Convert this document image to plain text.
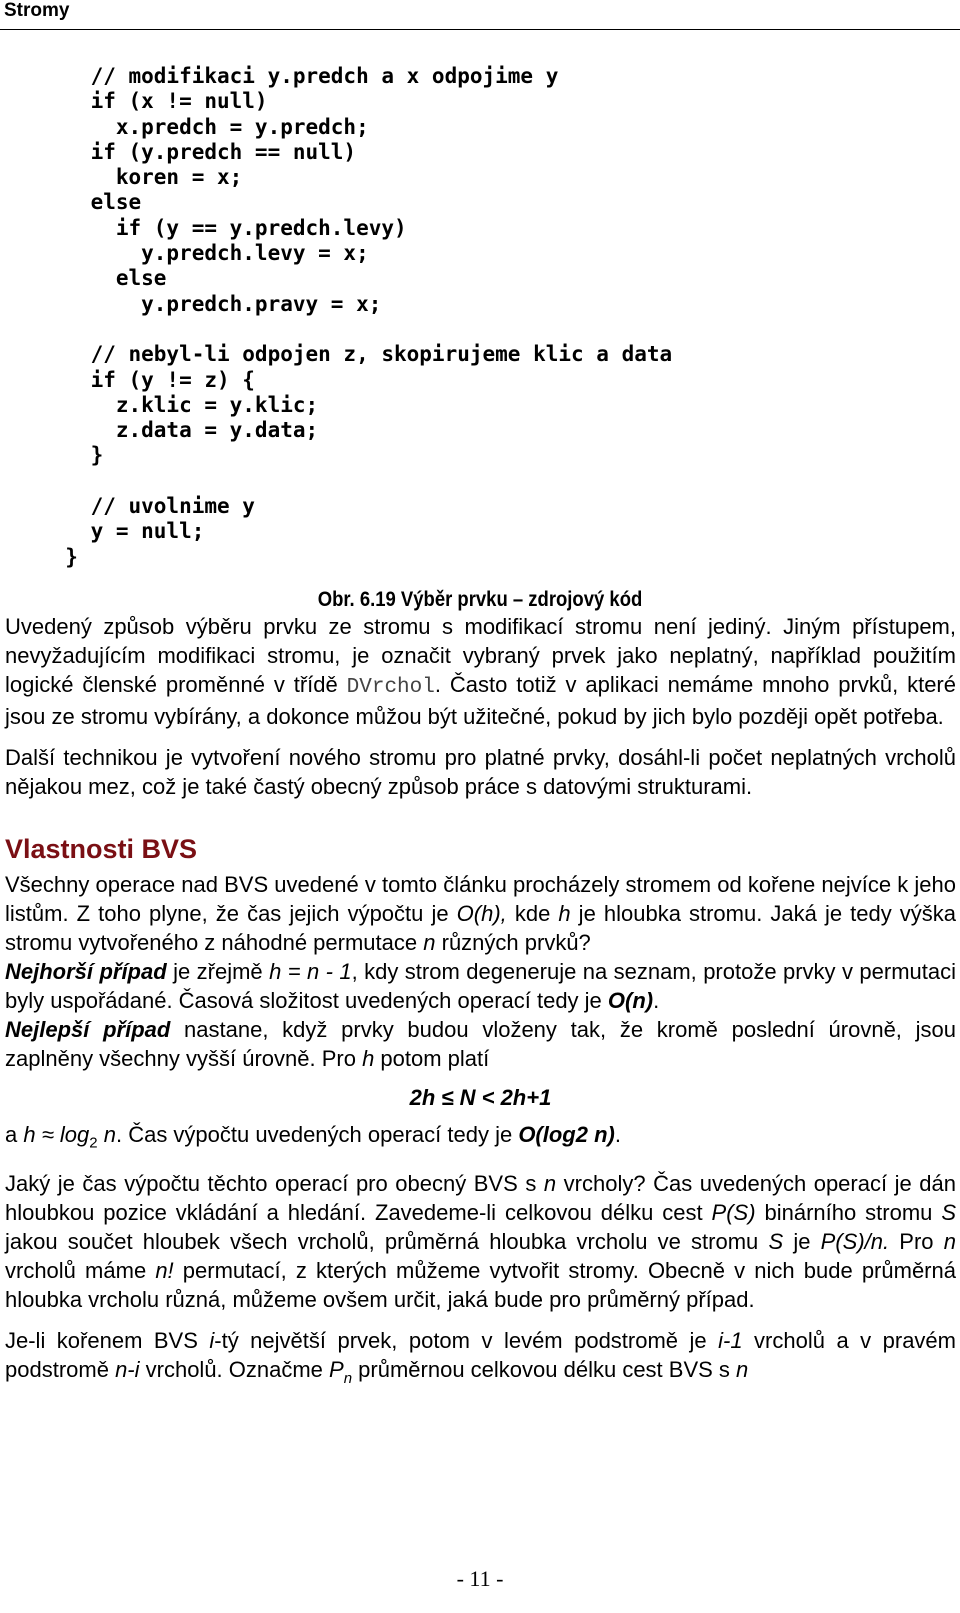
Stromy
// modifikaci y.predch a x odpojime y
if (x != null)
x.predch = y.predch;
if (y.predch == null)
koren = x;
else
if (y == y.predch.levy)
y.predch.levy = x;
else
y.predch.pravy = x;

// nebyl-li odpojen z, skopirujeme klic a data
if (y != z) {
z.klic = y.klic;
z.data = y.data;
}

// uvolnime y
y = null;
}
Obr. 6.19 Výběr prvku – zdrojový kód

Uvedený způsob výběru prvku ze stromu s modifikací stromu není jediný. Jiným přístupem, nevyžadujícím modifikaci stromu, je označit vybraný prvek jako neplatný, například použitím logické členské proměnné v třídě DVrchol. Často totiž v aplikaci nemáme mnoho prvků, které jsou ze stromu vybírány, a dokonce můžou být užitečné, pokud by jich bylo později opět potřeba.

Další technikou je vytvoření nového stromu pro platné prvky, dosáhl-li počet neplatných vrcholů nějakou mez, což je také častý obecný způsob práce s datovými strukturami.

Vlastnosti BVS

Všechny operace nad BVS uvedené v tomto článku procházely stromem od kořene nejvíce k jeho listům. Z toho plyne, že čas jejich výpočtu je O(h), kde h je hloubka stromu. Jaká je tedy výška stromu vytvořeného z náhodné permutace n různých prvků?

Nejhorší případ je zřejmě h = n - 1, kdy strom degeneruje na seznam, protože prvky v permutaci byly uspořádané. Časová složitost uvedených operací tedy je O(n).

Nejlepší případ nastane, když prvky budou vloženy tak, že kromě poslední úrovně, jsou zaplněny všechny vyšší úrovně. Pro h potom platí

2h ≤ N < 2h+1

a $h \approx \log_2 n$. Čas výpočtu uvedených operací tedy je O(log2 n).

Jaký je čas výpočtu těchto operací pro obecný BVS s n vrcholy? Čas uvedených operací je dán hloubkou pozice vkládání a hledání. Zavedeme-li celkovou délku cest P(S) binárního stromu S jakou součet hloubek všech vrcholů, průměrná hloubka vrcholu ve stromu S je P(S)/n. Pro n vrcholů máme n! permutací, z kterých můžeme vytvořit stromy. Obecně v nich bude průměrná hloubka vrcholu různá, můžeme ovšem určit, jaká bude pro průměrný případ.

Je-li kořenem BVS i-tý největší prvek, potom v levém podstromě je i-1 vrcholů a v pravém podstromě n-i vrcholů. Označme $P_n$ průměrnou celkovou délku cest BVS s n

- 11 -
